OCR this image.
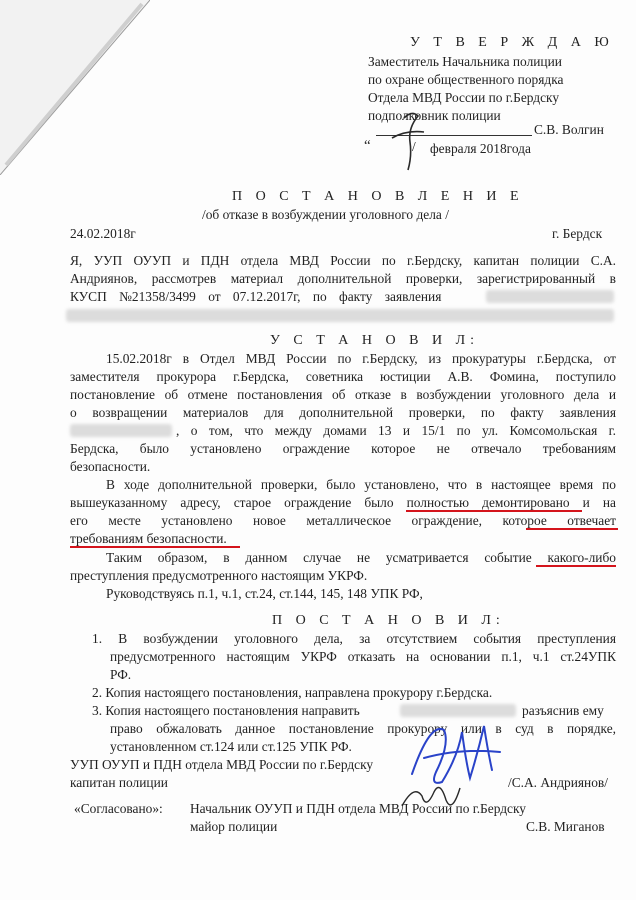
У Т В Е Р Ж Д А Ю
Заместитель Начальника полиции
по охране общественного порядка
Отдела МВД России по г.Бердску
подполковник полиции
С.В. Волгин
“	/ февраля 2018года
П О С Т А Н О В Л Е Н И Е
/об отказе в возбуждении уголовного дела /
24.02.2018г	г. Бердск
Я, УУП ОУУП и ПДН отдела МВД России по г.Бердску, капитан полиции С.А.
Андриянов, рассмотрев материал дополнительной проверки, зарегистрированный в
КУСП №21358/3499 от 07.12.2017г, по факту заявления
У С Т А Н О В И Л:
15.02.2018г в Отдел МВД России по г.Бердску, из прокуратуры г.Бердска, от
заместителя прокурора г.Бердска, советника юстиции А.В. Фомина, поступило
постановление об отмене постановления об отказе в возбуждении уголовного дела и
о возвращении материалов для дополнительной проверки, по факту заявления
, о том, что между домами 13 и 15/1 по ул. Комсомольская г.
Бердска, было установлено ограждение которое не отвечало требованиям
безопасности.
В ходе дополнительной проверки, было установлено, что в настоящее время по
вышеуказанному адресу, старое ограждение было полностью демонтировано и на
его месте установлено новое металлическое ограждение, которое отвечает
требованиям безопасности.
Таким образом, в данном случае не усматривается событие какого-либо
преступления предусмотренного настоящим УКРФ.
Руководствуясь п.1, ч.1, ст.24, ст.144, 145, 148 УПК РФ,
П О С Т А Н О В И Л:
1. В возбуждении уголовного дела, за отсутствием события преступления
предусмотренного настоящим УКРФ отказать на основании п.1, ч.1 ст.24УПК
РФ.
2. Копия настоящего постановления, направлена прокурору г.Бердска.
3. Копия настоящего постановления направить	разъяснив ему
право обжаловать данное постановление прокурору или в суд в порядке,
установленном ст.124 или ст.125 УПК РФ.
УУП ОУУП и ПДН отдела МВД России по г.Бердску
капитан полиции	/С.А. Андриянов/
«Согласовано»: Начальник ОУУП и ПДН отдела МВД России по г.Бердску
майор полиции	С.В. Миганов
